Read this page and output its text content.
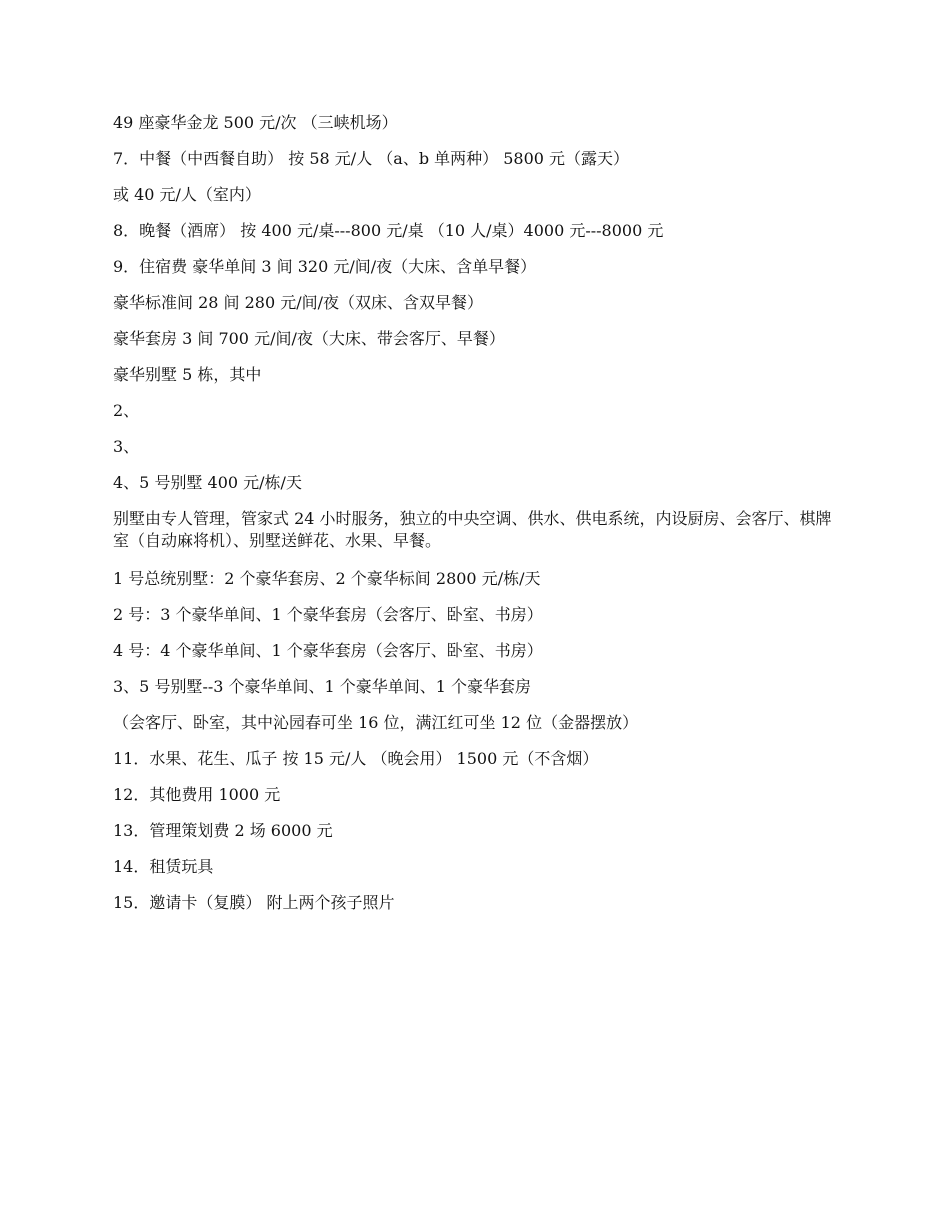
49 座豪华金龙 500 元/次 （三峡机场）
7．中餐（中西餐自助） 按 58 元/人 （a、b 单两种） 5800 元（露天）
或 40 元/人（室内）
8．晚餐（酒席） 按 400 元/桌---800 元/桌 （10 人/桌）4000 元---8000 元
9．住宿费 豪华单间 3 间 320 元/间/夜（大床、含单早餐）
豪华标准间 28 间 280 元/间/夜（双床、含双早餐）
豪华套房 3 间 700 元/间/夜（大床、带会客厅、早餐）
豪华别墅 5 栋，其中
2、
3、
4、5 号别墅 400 元/栋/天
别墅由专人管理，管家式 24 小时服务，独立的中央空调、供水、供电系统，内设厨房、会客厅、棋牌室（自动麻将机）、别墅送鲜花、水果、早餐。
1 号总统别墅：2 个豪华套房、2 个豪华标间 2800 元/栋/天
2 号：3 个豪华单间、1 个豪华套房（会客厅、卧室、书房）
4 号：4 个豪华单间、1 个豪华套房（会客厅、卧室、书房）
3、5 号别墅--3 个豪华单间、1 个豪华单间、1 个豪华套房
（会客厅、卧室，其中沁园春可坐 16 位，满江红可坐 12 位（金器摆放）
11．水果、花生、瓜子 按 15 元/人 （晚会用） 1500 元（不含烟）
12．其他费用 1000 元
13．管理策划费 2 场 6000 元
14．租赁玩具
15．邀请卡（复膜） 附上两个孩子照片
